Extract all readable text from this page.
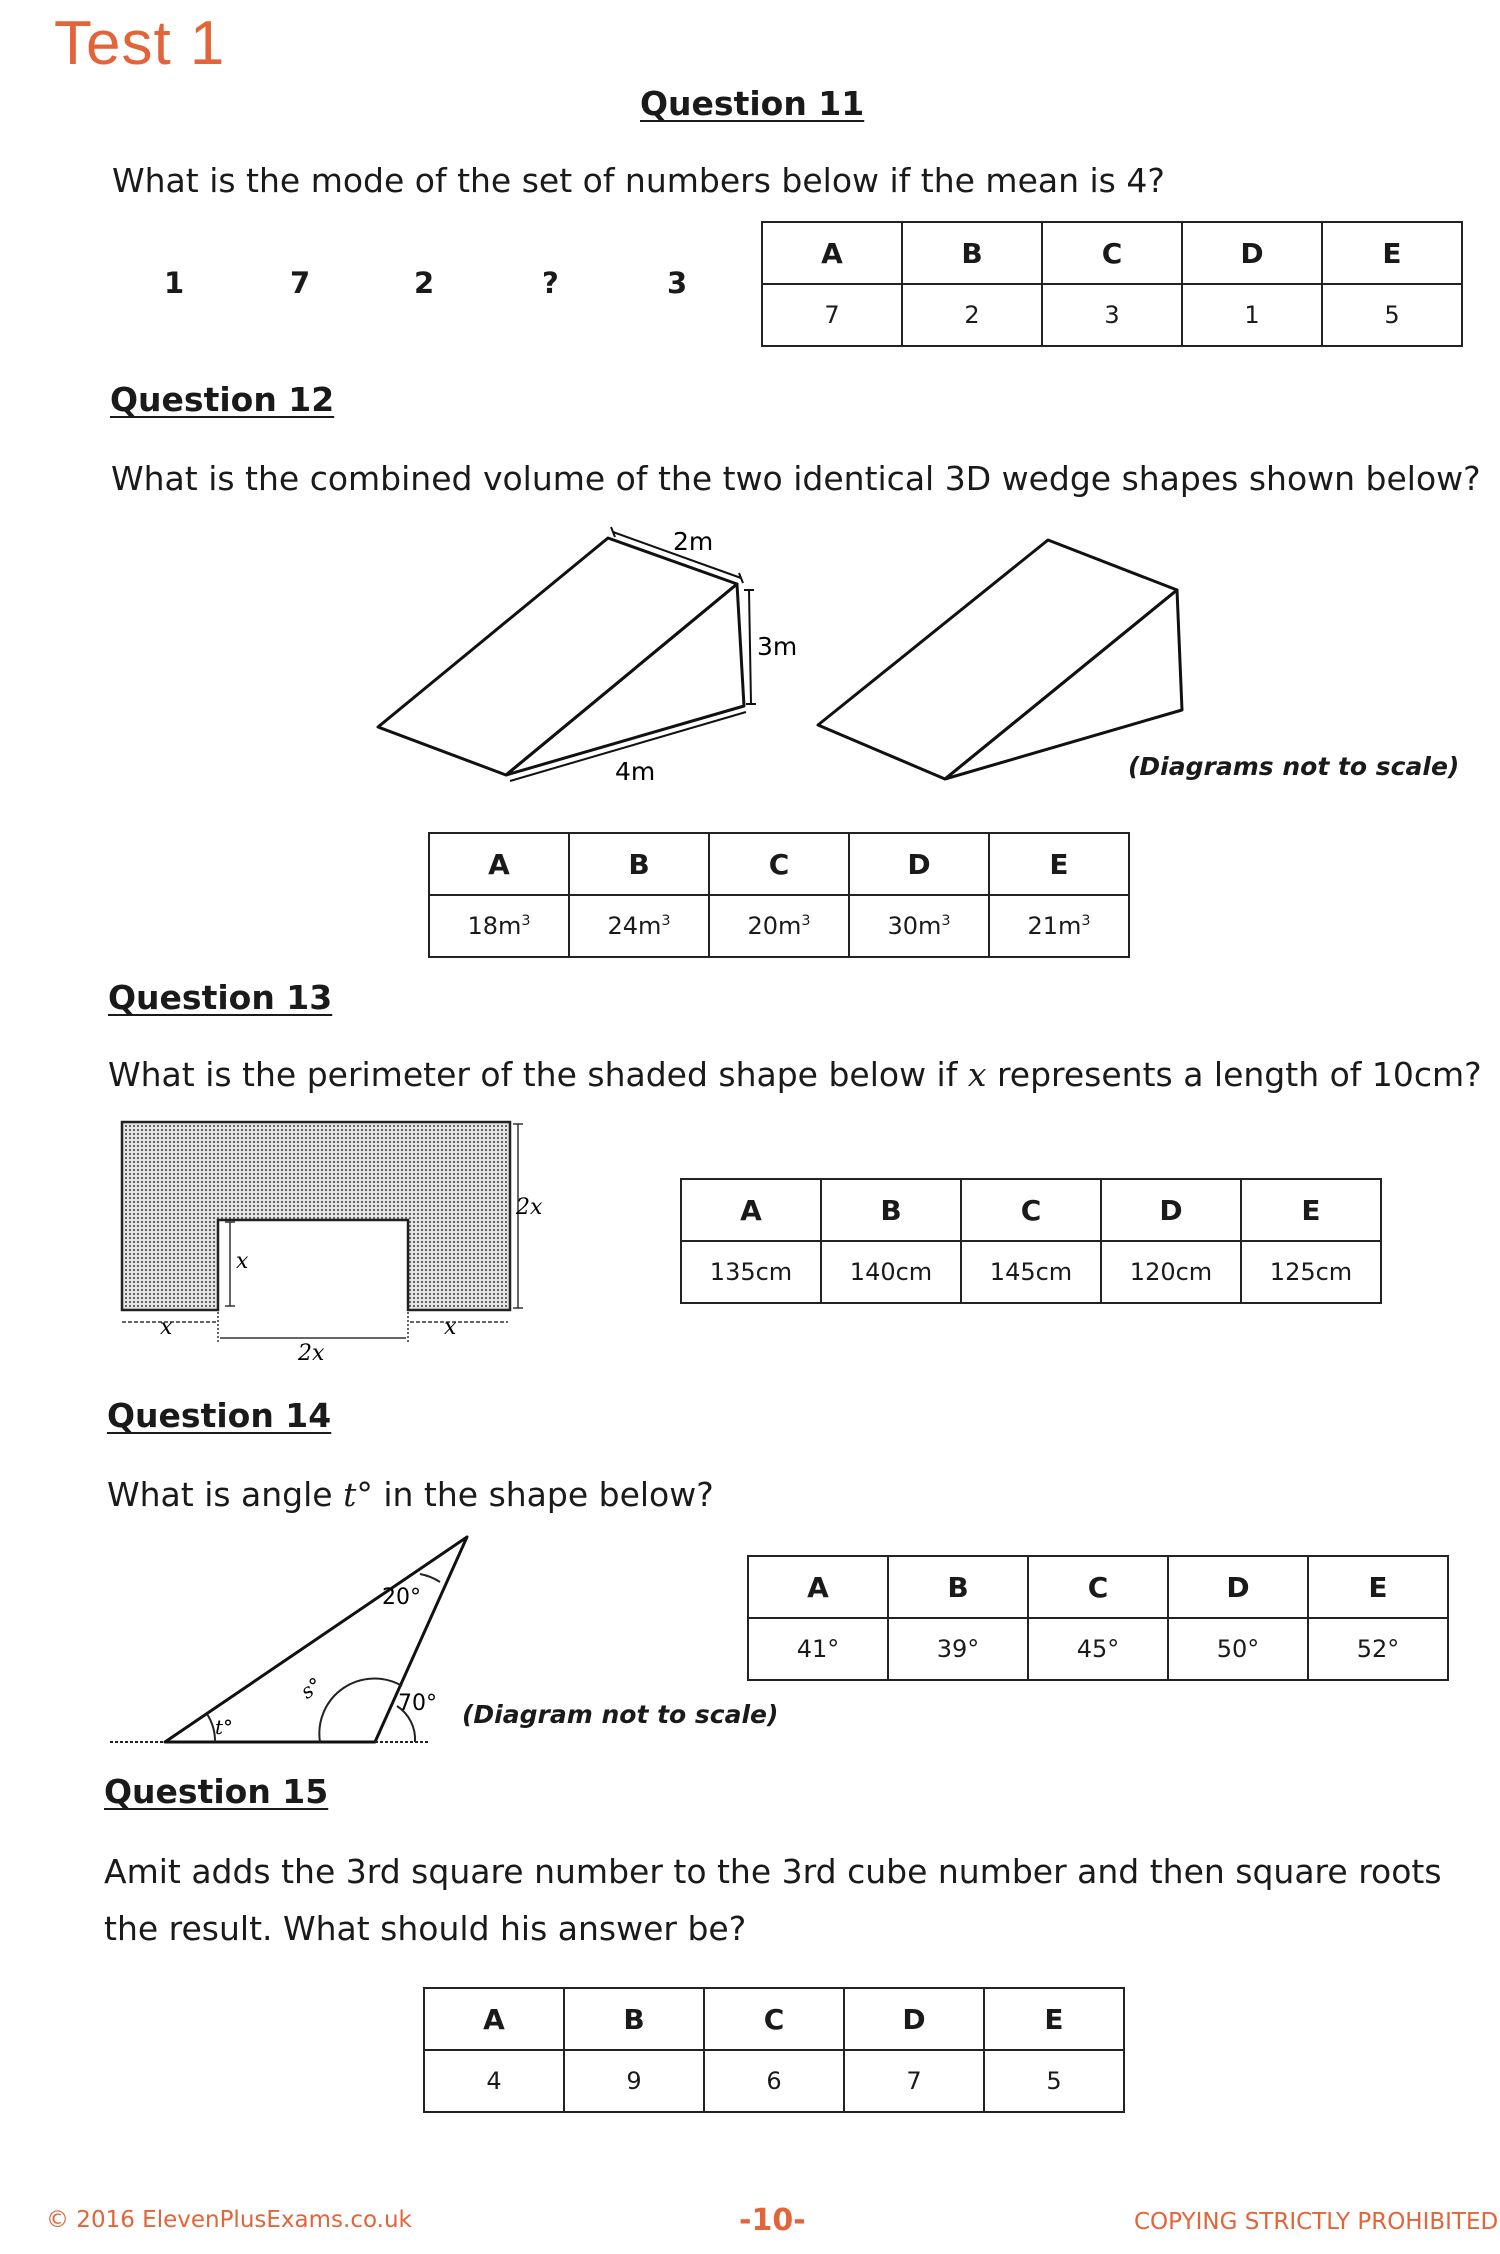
Test 1
Question 11
What is the mode of the set of numbers below if the mean is 4?
1	7	2	?	3
A	B	C	D	E
7	2	3	1	5
Question 12
What is the combined volume of the two identical 3D wedge shapes shown below?
2m
3m
4m	(Diagrams not to scale)
A	B	C	D	E
$18m^3$	$24m^3$	$20m^3$	$30m^3$	$21m^3$
Question 13
What is the perimeter of the shaded shape below if x represents a length of 10cm?
2x
x
x
2x
x
A	B	C	D	E
135cm	140cm	145cm	120cm	125cm
Question 14
What is angle t° in the shape below?
20°
t°
s°	70° (Diagram not to scale)
A	B	C	D	E
41°	39°	45°	50°	52°
Question 15
Amit adds the 3rd square number to the 3rd cube number and then square roots
the result. What should his answer be?
A	B	C	D	E
4	9	6	7	5
© 2016 ElevenPlusExams.co.uk	-10-	COPYING STRICTLY PROHIBITED
